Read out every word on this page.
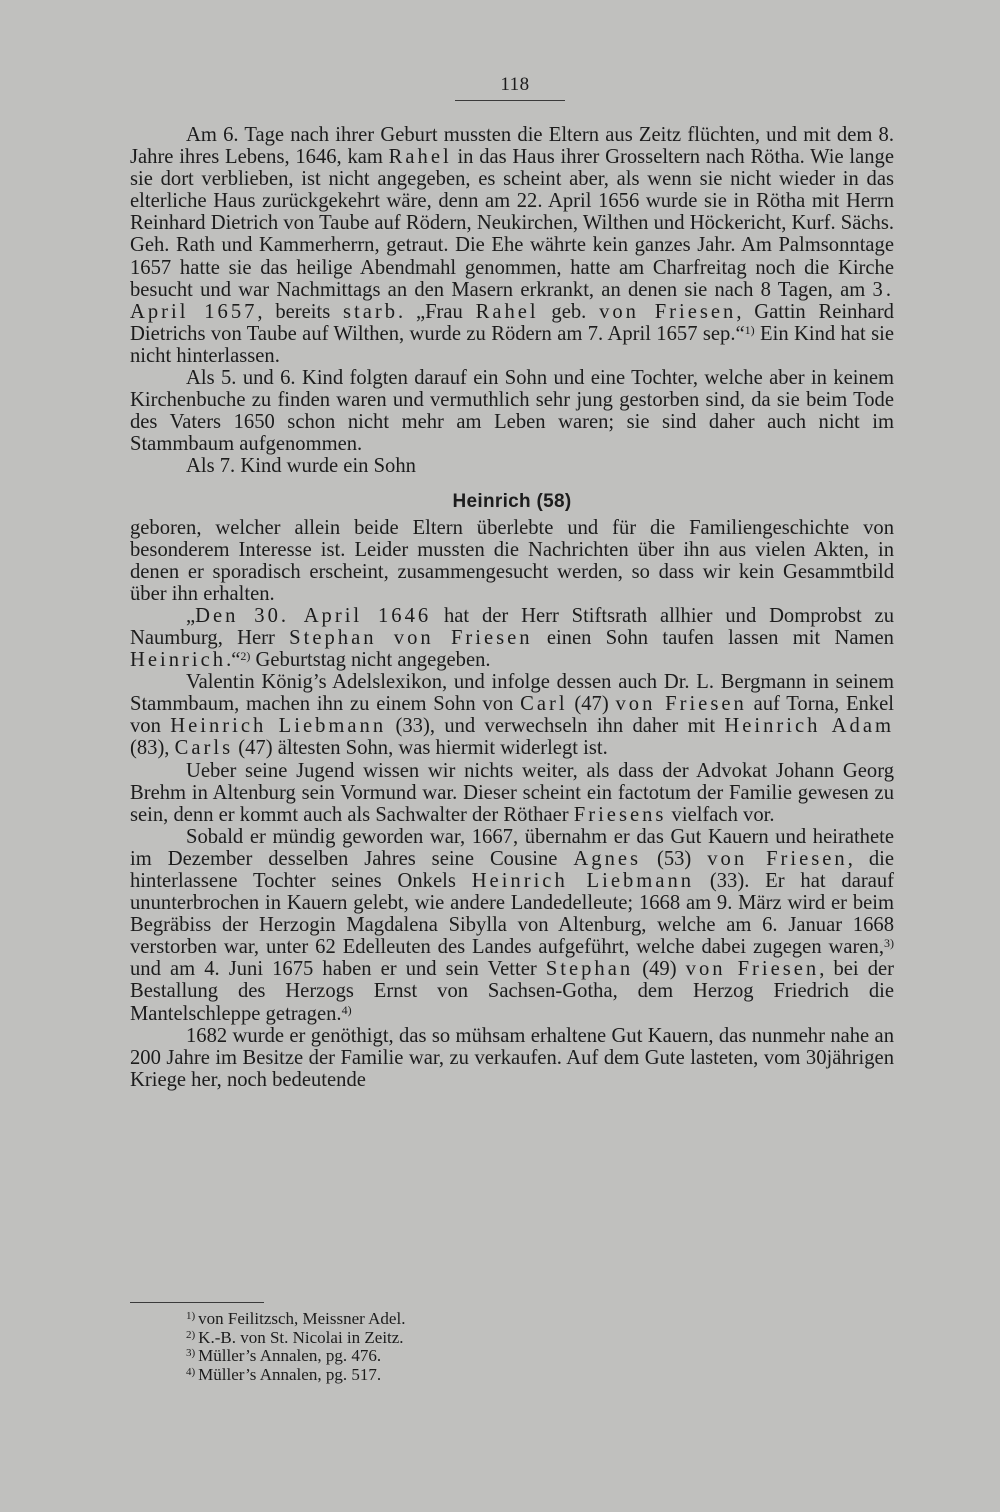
118

Am 6. Tage nach ihrer Geburt mussten die Eltern aus Zeitz flüchten, und mit dem 8. Jahre ihres Lebens, 1646, kam Rahel in das Haus ihrer Grosseltern nach Rötha. Wie lange sie dort verblieben, ist nicht angegeben, es scheint aber, als wenn sie nicht wieder in das elterliche Haus zurückgekehrt wäre, denn am 22. April 1656 wurde sie in Rötha mit Herrn Reinhard Dietrich von Taube auf Rödern, Neukirchen, Wilthen und Höckericht, Kurf. Sächs. Geh. Rath und Kammerherrn, getraut. Die Ehe währte kein ganzes Jahr. Am Palmsonntage 1657 hatte sie das heilige Abendmahl genommen, hatte am Charfreitag noch die Kirche besucht und war Nachmittags an den Masern erkrankt, an denen sie nach 8 Tagen, am 3. April 1657, bereits starb. „Frau Rahel geb. von Friesen, Gattin Reinhard Dietrichs von Taube auf Wilthen, wurde zu Rödern am 7. April 1657 sep.“$^{1)}$ Ein Kind hat sie nicht hinterlassen.

Als 5. und 6. Kind folgten darauf ein Sohn und eine Tochter, welche aber in keinem Kirchenbuche zu finden waren und vermuthlich sehr jung gestorben sind, da sie beim Tode des Vaters 1650 schon nicht mehr am Leben waren; sie sind daher auch nicht im Stammbaum aufgenommen.

Als 7. Kind wurde ein Sohn

Heinrich (58)

geboren, welcher allein beide Eltern überlebte und für die Familiengeschichte von besonderem Interesse ist. Leider mussten die Nachrichten über ihn aus vielen Akten, in denen er sporadisch erscheint, zusammengesucht werden, so dass wir kein Gesammtbild über ihn erhalten.

„Den 30. April 1646 hat der Herr Stiftsrath allhier und Domprobst zu Naumburg, Herr Stephan von Friesen einen Sohn taufen lassen mit Namen Heinrich.“$^{2)}$ Geburtstag nicht angegeben.

Valentin König’s Adelslexikon, und infolge dessen auch Dr. L. Bergmann in seinem Stammbaum, machen ihn zu einem Sohn von Carl (47) von Friesen auf Torna, Enkel von Heinrich Liebmann (33), und verwechseln ihn daher mit Heinrich Adam (83), Carls (47) ältesten Sohn, was hiermit widerlegt ist.

Ueber seine Jugend wissen wir nichts weiter, als dass der Advokat Johann Georg Brehm in Altenburg sein Vormund war. Dieser scheint ein factotum der Familie gewesen zu sein, denn er kommt auch als Sachwalter der Röthaer Friesens vielfach vor.

Sobald er mündig geworden war, 1667, übernahm er das Gut Kauern und heirathete im Dezember desselben Jahres seine Cousine Agnes (53) von Friesen, die hinterlassene Tochter seines Onkels Heinrich Liebmann (33). Er hat darauf ununterbrochen in Kauern gelebt, wie andere Landedelleute; 1668 am 9. März wird er beim Begräbiss der Herzogin Magdalena Sibylla von Altenburg, welche am 6. Januar 1668 verstorben war, unter 62 Edelleuten des Landes aufgeführt, welche dabei zugegen waren,$^{3)}$ und am 4. Juni 1675 haben er und sein Vetter Stephan (49) von Friesen, bei der Bestallung des Herzogs Ernst von Sachsen-Gotha, dem Herzog Friedrich die Mantelschleppe getragen.$^{4)}$

1682 wurde er genöthigt, das so mühsam erhaltene Gut Kauern, das nunmehr nahe an 200 Jahre im Besitze der Familie war, zu verkaufen. Auf dem Gute lasteten, vom 30jährigen Kriege her, noch bedeutende

$^{1)}$ von Feilitzsch, Meissner Adel.
$^{2)}$ K.-B. von St. Nicolai in Zeitz.
$^{3)}$ Müller’s Annalen, pg. 476.
$^{4)}$ Müller’s Annalen, pg. 517.
